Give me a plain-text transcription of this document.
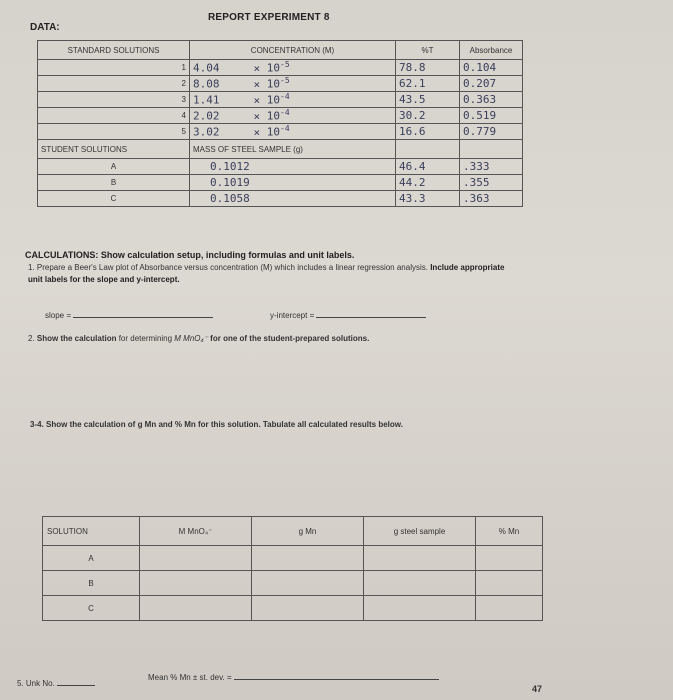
REPORT EXPERIMENT 8
DATA:
STANDARD SOLUTIONS	CONCENTRATION (M)	%T	Absorbance
1	$4.04 \times 10^{-5}$	78.8	0.104
2	$8.08 \times 10^{-5}$	62.1	0.207
3	$1.41 \times 10^{-4}$	43.5	0.363
4	$2.02 \times 10^{-4}$	30.2	0.519
5	$3.02 \times 10^{-4}$	16.6	0.779
STUDENT SOLUTIONS	MASS OF STEEL SAMPLE (g)		
A	0.1012	46.4	.333
B	0.1019	44.2	.355
C	0.1058	43.3	.363
CALCULATIONS: Show calculation setup, including formulas and unit labels.
1. Prepare a Beer's Law plot of Absorbance versus concentration (M) which includes a linear regression analysis. Include appropriate unit labels for the slope and y-intercept.
slope =	y-intercept =
2. Show the calculation for determining M MnO₄⁻ for one of the student-prepared solutions.
3-4. Show the calculation of g Mn and % Mn for this solution. Tabulate all calculated results below.
SOLUTION	M MnO₄⁻	g Mn	g steel sample	% Mn
A				
B				
C				
5. Unk No.
Mean % Mn ± st. dev. =
47
